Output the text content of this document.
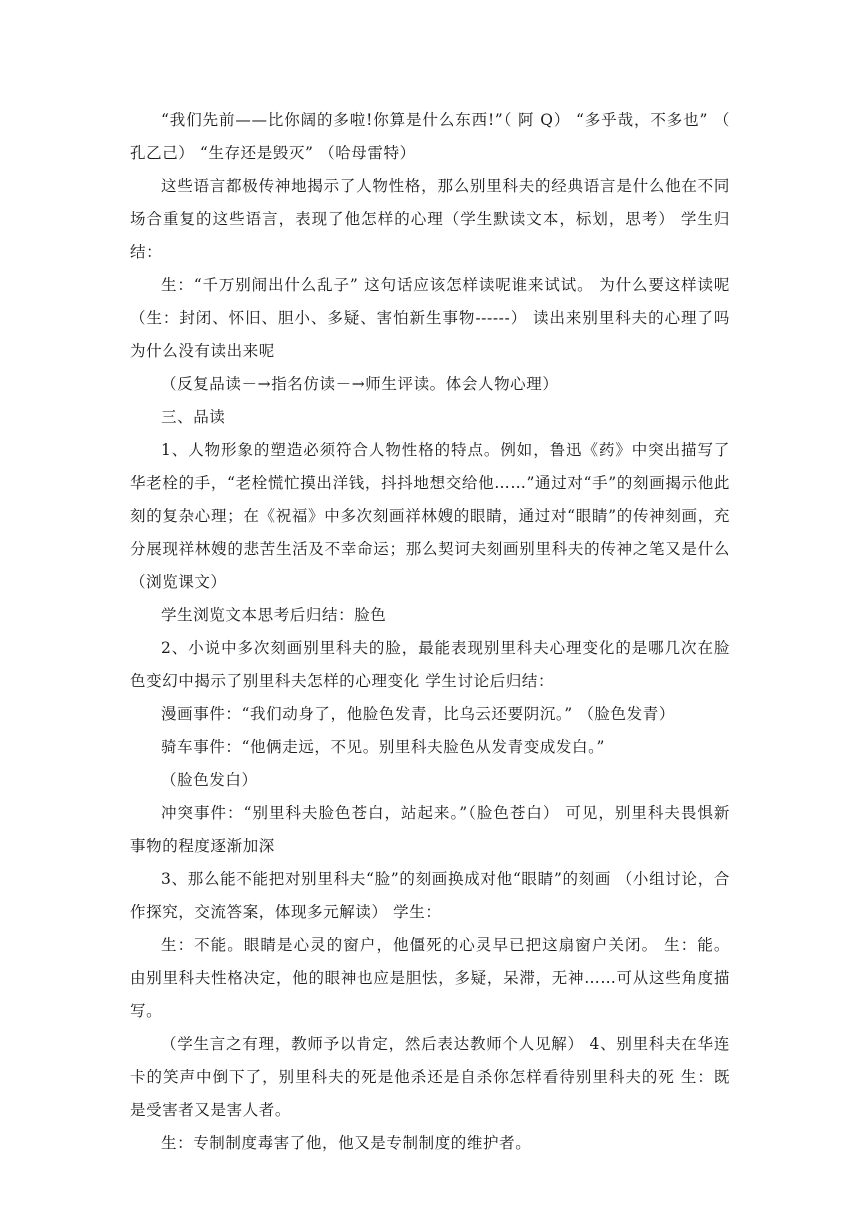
“我们先前——比你阔的多啦!你算是什么东西!”（ 阿 Q） “多乎哉，不多也” （ 孔乙己） “生存还是毁灭” （哈母雷特）

这些语言都极传神地揭示了人物性格，那么别里科夫的经典语言是什么他在不同场合重复的这些语言，表现了他怎样的心理（学生默读文本，标划，思考） 学生归结：

生：“千万别闹出什么乱子” 这句话应该怎样读呢谁来试试。 为什么要这样读呢 （生：封闭、怀旧、胆小、多疑、害怕新生事物------） 读出来别里科夫的心理了吗 为什么没有读出来呢

（反复品读－→指名仿读－→师生评读。体会人物心理）

三、品读

1、人物形象的塑造必须符合人物性格的特点。例如，鲁迅《药》中突出描写了华老栓的手，“老栓慌忙摸出洋钱，抖抖地想交给他……”通过对“手”的刻画揭示他此刻的复杂心理；在《祝福》中多次刻画祥林嫂的眼睛，通过对“眼睛”的传神刻画，充分展现祥林嫂的悲苦生活及不幸命运；那么契诃夫刻画别里科夫的传神之笔又是什么 （浏览课文）

学生浏览文本思考后归结：脸色

2、小说中多次刻画别里科夫的脸，最能表现别里科夫心理变化的是哪几次在脸色变幻中揭示了别里科夫怎样的心理变化 学生讨论后归结：

漫画事件：“我们动身了，他脸色发青，比乌云还要阴沉。” （脸色发青）

骑车事件：“他俩走远，不见。别里科夫脸色从发青变成发白。”

（脸色发白）

冲突事件：“别里科夫脸色苍白，站起来。”（脸色苍白） 可见，别里科夫畏惧新事物的程度逐渐加深

3、那么能不能把对别里科夫“脸”的刻画换成对他“眼睛”的刻画 （小组讨论，合作探究，交流答案，体现多元解读） 学生：

生：不能。眼睛是心灵的窗户，他僵死的心灵早已把这扇窗户关闭。 生：能。由别里科夫性格决定，他的眼神也应是胆怯，多疑，呆滞，无神……可从这些角度描写。

（学生言之有理，教师予以肯定，然后表达教师个人见解） 4、别里科夫在华连卡的笑声中倒下了，别里科夫的死是他杀还是自杀你怎样看待别里科夫的死 生：既是受害者又是害人者。

生：专制制度毒害了他，他又是专制制度的维护者。
